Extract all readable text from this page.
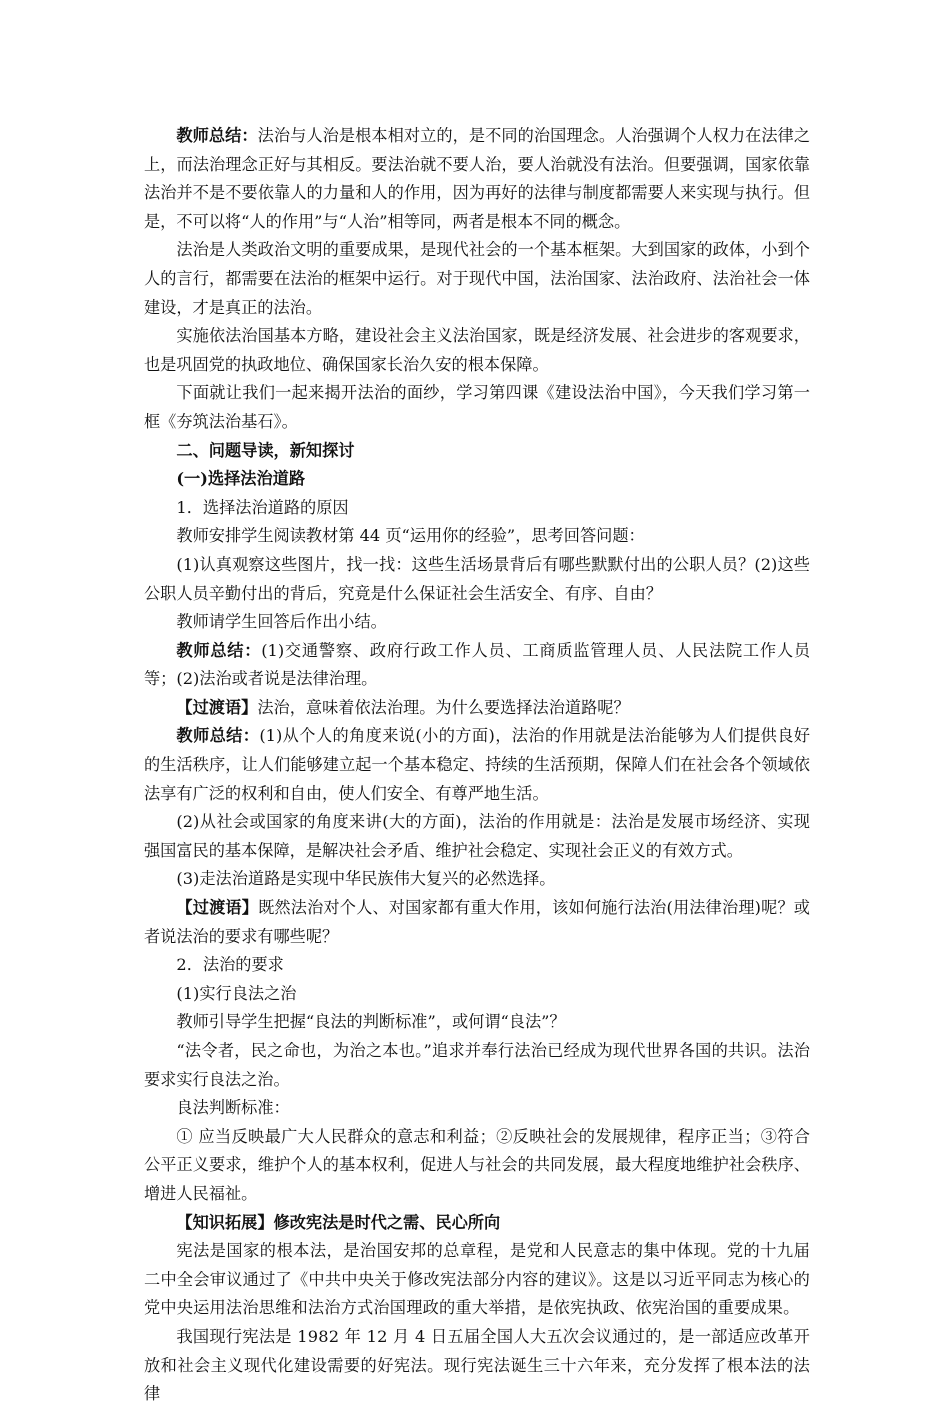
教师总结：法治与人治是根本相对立的，是不同的治国理念。人治强调个人权力在法律之上，而法治理念正好与其相反。要法治就不要人治，要人治就没有法治。但要强调，国家依靠法治并不是不要依靠人的力量和人的作用，因为再好的法律与制度都需要人来实现与执行。但是，不可以将“人的作用”与“人治”相等同，两者是根本不同的概念。

法治是人类政治文明的重要成果，是现代社会的一个基本框架。大到国家的政体，小到个人的言行，都需要在法治的框架中运行。对于现代中国，法治国家、法治政府、法治社会一体建设，才是真正的法治。

实施依法治国基本方略，建设社会主义法治国家，既是经济发展、社会进步的客观要求，也是巩固党的执政地位、确保国家长治久安的根本保障。

下面就让我们一起来揭开法治的面纱，学习第四课《建设法治中国》，今天我们学习第一框《夯筑法治基石》。

二、问题导读，新知探讨

(一)选择法治道路

1．选择法治道路的原因

教师安排学生阅读教材第 44 页“运用你的经验”，思考回答问题：

(1)认真观察这些图片，找一找：这些生活场景背后有哪些默默付出的公职人员？(2)这些公职人员辛勤付出的背后，究竟是什么保证社会生活安全、有序、自由？

教师请学生回答后作出小结。

教师总结：(1)交通警察、政府行政工作人员、工商质监管理人员、人民法院工作人员等；(2)法治或者说是法律治理。

【过渡语】法治，意味着依法治理。为什么要选择法治道路呢？

教师总结：(1)从个人的角度来说(小的方面)，法治的作用就是法治能够为人们提供良好的生活秩序，让人们能够建立起一个基本稳定、持续的生活预期，保障人们在社会各个领域依法享有广泛的权利和自由，使人们安全、有尊严地生活。

(2)从社会或国家的角度来讲(大的方面)，法治的作用就是：法治是发展市场经济、实现强国富民的基本保障，是解决社会矛盾、维护社会稳定、实现社会正义的有效方式。

(3)走法治道路是实现中华民族伟大复兴的必然选择。

【过渡语】既然法治对个人、对国家都有重大作用，该如何施行法治(用法律治理)呢？或者说法治的要求有哪些呢？

2．法治的要求

(1)实行良法之治

教师引导学生把握“良法的判断标准”，或何谓“良法”？

“法令者，民之命也，为治之本也。”追求并奉行法治已经成为现代世界各国的共识。法治要求实行良法之治。

良法判断标准：

① 应当反映最广大人民群众的意志和利益；②反映社会的发展规律，程序正当；③符合公平正义要求，维护个人的基本权利，促进人与社会的共同发展，最大程度地维护社会秩序、增进人民福祉。

【知识拓展】修改宪法是时代之需、民心所向

宪法是国家的根本法，是治国安邦的总章程，是党和人民意志的集中体现。党的十九届二中全会审议通过了《中共中央关于修改宪法部分内容的建议》。这是以习近平同志为核心的党中央运用法治思维和法治方式治国理政的重大举措，是依宪执政、依宪治国的重要成果。

我国现行宪法是 1982 年 12 月 4 日五届全国人大五次会议通过的，是一部适应改革开放和社会主义现代化建设需要的好宪法。现行宪法诞生三十六年来，充分发挥了根本法的法律
